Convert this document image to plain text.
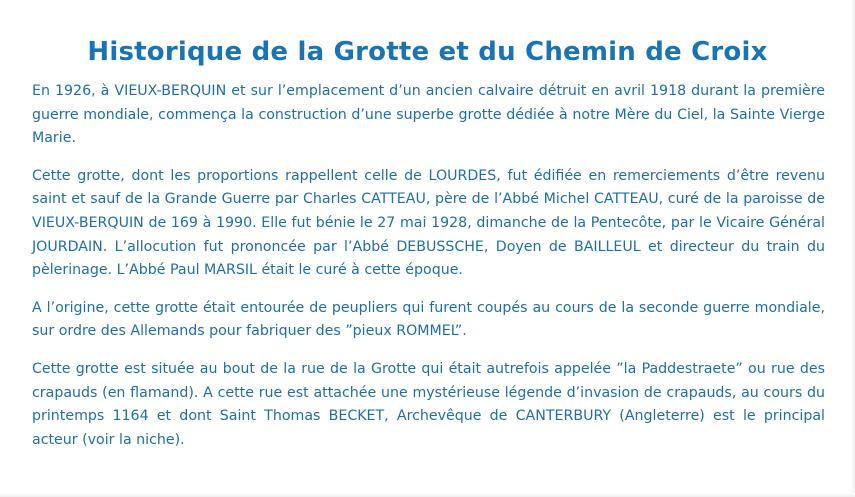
Historique de la Grotte et du Chemin de Croix

En 1926, à VIEUX-BERQUIN et sur l’emplacement d’un ancien calvaire détruit en avril 1918 durant la première guerre mondiale, commença la construction d’une superbe grotte dédiée à notre Mère du Ciel, la Sainte Vierge Marie.

Cette grotte, dont les proportions rappellent celle de LOURDES, fut édifiée en remerciements d’être revenu saint et sauf de la Grande Guerre par Charles CATTEAU, père de l’Abbé Michel CATTEAU, curé de la paroisse de VIEUX-BERQUIN de 169 à 1990. Elle fut bénie le 27 mai 1928, dimanche de la Pentecôte, par le Vicaire Général JOURDAIN. L’allocution fut prononcée par l’Abbé DEBUSSCHE, Doyen de BAILLEUL et directeur du train du pèlerinage. L’Abbé Paul MARSIL était le curé à cette époque.

A l’origine, cette grotte était entourée de peupliers qui furent coupés au cours de la seconde guerre mondiale, sur ordre des Allemands pour fabriquer des ”pieux ROMMEL”.

Cette grotte est située au bout de la rue de la Grotte qui était autrefois appelée ”la Paddestraete” ou rue des crapauds (en flamand). A cette rue est attachée une mystérieuse légende d’invasion de crapauds, au cours du printemps 1164 et dont Saint Thomas BECKET, Archevêque de CANTERBURY (Angleterre) est le principal acteur (voir la niche).
